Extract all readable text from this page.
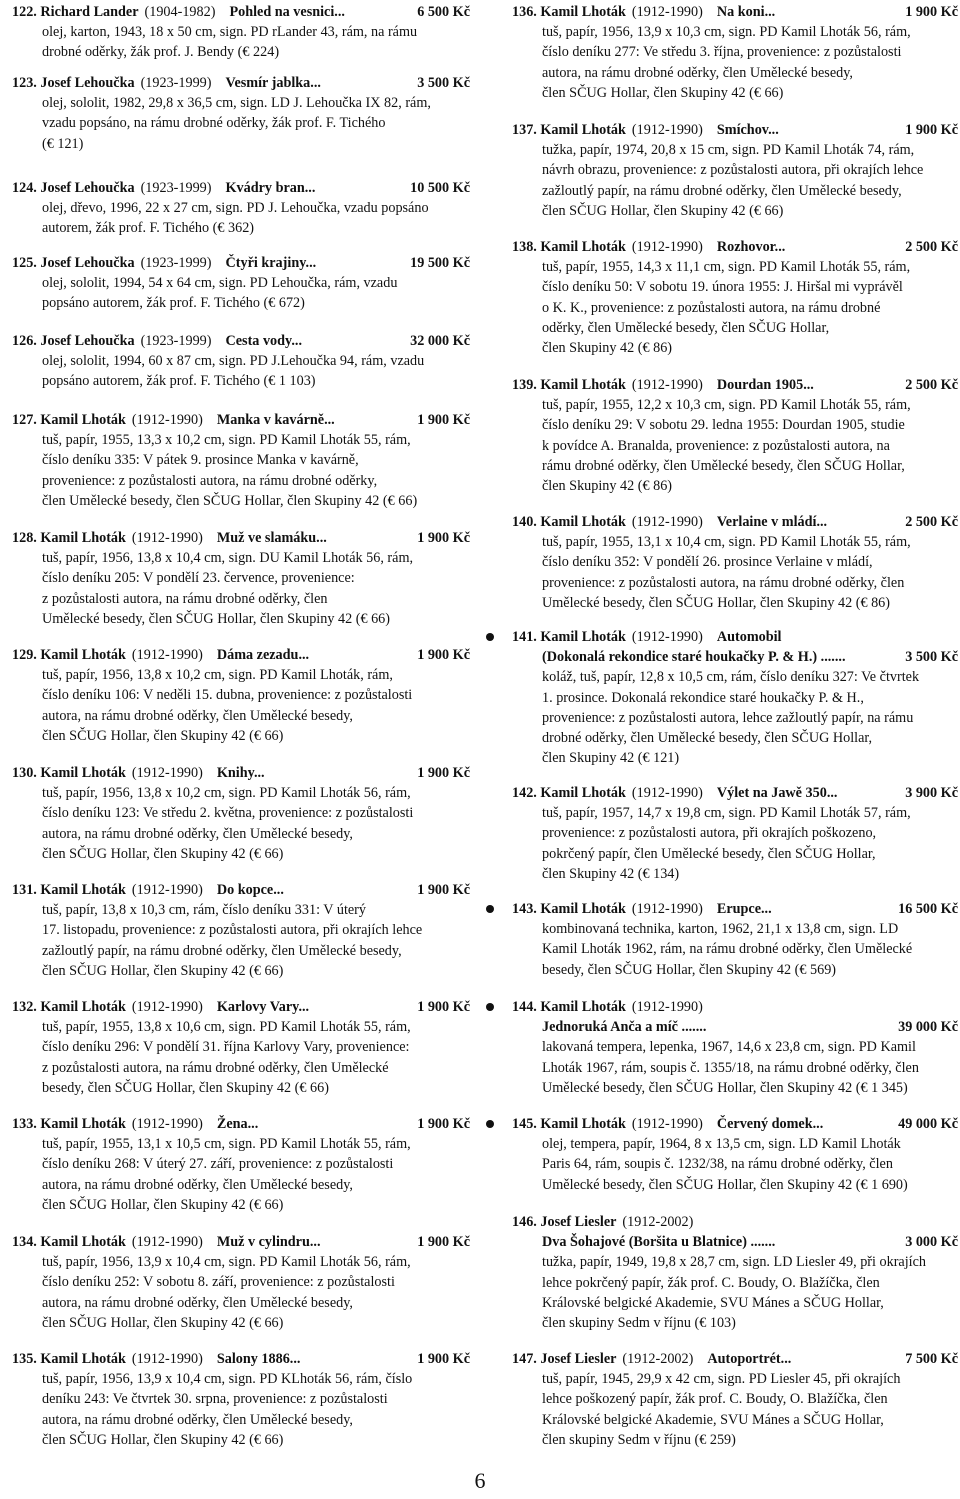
122. Richard Lander (1904-1982) Pohled na vesnici...	6 500 Kč
olej, karton, 1943, 18 x 50 cm, sign. PD rLander 43, rám, na rámu
drobné oděrky, žák prof. J. Bendy (€ 224)
123. Josef Lehoučka (1923-1999) Vesmír jablka...	3 500 Kč
olej, sololit, 1982, 29,8 x 36,5 cm, sign. LD J. Lehoučka IX 82, rám,
vzadu popsáno, na rámu drobné oděrky, žák prof. F. Tichého
(€ 121)
124. Josef Lehoučka (1923-1999) Kvádry bran...	10 500 Kč
olej, dřevo, 1996, 22 x 27 cm, sign. PD J. Lehoučka, vzadu popsáno
autorem, žák prof. F. Tichého (€ 362)
125. Josef Lehoučka (1923-1999) Čtyři krajiny...	19 500 Kč
olej, sololit, 1994, 54 x 64 cm, sign. PD Lehoučka, rám, vzadu
popsáno autorem, žák prof. F. Tichého (€ 672)
126. Josef Lehoučka (1923-1999) Cesta vody...	32 000 Kč
olej, sololit, 1994, 60 x 87 cm, sign. PD J.Lehoučka 94, rám, vzadu
popsáno autorem, žák prof. F. Tichého (€ 1 103)
127. Kamil Lhoták (1912-1990) Manka v kavárně...	1 900 Kč
tuš, papír, 1955, 13,3 x 10,2 cm, sign. PD Kamil Lhoták 55, rám,
číslo deníku 335: V pátek 9. prosince Manka v kavárně,
provenience: z pozůstalosti autora, na rámu drobné oděrky,
člen Umělecké besedy, člen SČUG Hollar, člen Skupiny 42 (€ 66)
128. Kamil Lhoták (1912-1990) Muž ve slamáku...	1 900 Kč
tuš, papír, 1956, 13,8 x 10,4 cm, sign. DU Kamil Lhoták 56, rám,
číslo deníku 205: V pondělí 23. července, provenience:
z pozůstalosti autora, na rámu drobné oděrky, člen
Umělecké besedy, člen SČUG Hollar, člen Skupiny 42 (€ 66)
129. Kamil Lhoták (1912-1990) Dáma zezadu...	1 900 Kč
tuš, papír, 1956, 13,8 x 10,2 cm, sign. PD Kamil Lhoták, rám,
číslo deníku 106: V neděli 15. dubna, provenience: z pozůstalosti
autora, na rámu drobné oděrky, člen Umělecké besedy,
člen SČUG Hollar, člen Skupiny 42 (€ 66)
130. Kamil Lhoták (1912-1990) Knihy...	1 900 Kč
tuš, papír, 1956, 13,8 x 10,2 cm, sign. PD Kamil Lhoták 56, rám,
číslo deníku 123: Ve středu 2. května, provenience: z pozůstalosti
autora, na rámu drobné oděrky, člen Umělecké besedy,
člen SČUG Hollar, člen Skupiny 42 (€ 66)
131. Kamil Lhoták (1912-1990) Do kopce...	1 900 Kč
tuš, papír, 13,8 x 10,3 cm, rám, číslo deníku 331: V úterý
17. listopadu, provenience: z pozůstalosti autora, při okrajích lehce
zažloutlý papír, na rámu drobné oděrky, člen Umělecké besedy,
člen SČUG Hollar, člen Skupiny 42 (€ 66)
132. Kamil Lhoták (1912-1990) Karlovy Vary...	1 900 Kč
tuš, papír, 1955, 13,8 x 10,6 cm, sign. PD Kamil Lhoták 55, rám,
číslo deníku 296: V pondělí 31. října Karlovy Vary, provenience:
z pozůstalosti autora, na rámu drobné oděrky, člen Umělecké
besedy, člen SČUG Hollar, člen Skupiny 42 (€ 66)
133. Kamil Lhoták (1912-1990) Žena...	1 900 Kč
tuš, papír, 1955, 13,1 x 10,5 cm, sign. PD Kamil Lhoták 55, rám,
číslo deníku 268: V úterý 27. září, provenience: z pozůstalosti
autora, na rámu drobné oděrky, člen Umělecké besedy,
člen SČUG Hollar, člen Skupiny 42 (€ 66)
134. Kamil Lhoták (1912-1990) Muž v cylindru...	1 900 Kč
tuš, papír, 1956, 13,9 x 10,4 cm, sign. PD Kamil Lhoták 56, rám,
číslo deníku 252: V sobotu 8. září, provenience: z pozůstalosti
autora, na rámu drobné oděrky, člen Umělecké besedy,
člen SČUG Hollar, člen Skupiny 42 (€ 66)
135. Kamil Lhoták (1912-1990) Salony 1886...	1 900 Kč
tuš, papír, 1956, 13,9 x 10,4 cm, sign. PD KLhoták 56, rám, číslo
deníku 243: Ve čtvrtek 30. srpna, provenience: z pozůstalosti
autora, na rámu drobné oděrky, člen Umělecké besedy,
člen SČUG Hollar, člen Skupiny 42 (€ 66)
136. Kamil Lhoták (1912-1990) Na koni...	1 900 Kč
tuš, papír, 1956, 13,9 x 10,3 cm, sign. PD Kamil Lhoták 56, rám,
číslo deníku 277: Ve středu 3. října, provenience: z pozůstalosti
autora, na rámu drobné oděrky, člen Umělecké besedy,
člen SČUG Hollar, člen Skupiny 42 (€ 66)
137. Kamil Lhoták (1912-1990) Smíchov...	1 900 Kč
tužka, papír, 1974, 20,8 x 15 cm, sign. PD Kamil Lhoták 74, rám,
návrh obrazu, provenience: z pozůstalosti autora, při okrajích lehce
zažloutlý papír, na rámu drobné oděrky, člen Umělecké besedy,
člen SČUG Hollar, člen Skupiny 42 (€ 66)
138. Kamil Lhoták (1912-1990) Rozhovor...	2 500 Kč
tuš, papír, 1955, 14,3 x 11,1 cm, sign. PD Kamil Lhoták 55, rám,
číslo deníku 50: V sobotu 19. února 1955: J. Hiršal mi vyprávěl
o K. K., provenience: z pozůstalosti autora, na rámu drobné
oděrky, člen Umělecké besedy, člen SČUG Hollar,
člen Skupiny 42 (€ 86)
139. Kamil Lhoták (1912-1990) Dourdan 1905...	2 500 Kč
tuš, papír, 1955, 12,2 x 10,3 cm, sign. PD Kamil Lhoták 55, rám,
číslo deníku 29: V sobotu 29. ledna 1955: Dourdan 1905, studie
k povídce A. Branalda, provenience: z pozůstalosti autora, na
rámu drobné oděrky, člen Umělecké besedy, člen SČUG Hollar,
člen Skupiny 42 (€ 86)
140. Kamil Lhoták (1912-1990) Verlaine v mládí...	2 500 Kč
tuš, papír, 1955, 13,1 x 10,4 cm, sign. PD Kamil Lhoták 55, rám,
číslo deníku 352: V pondělí 26. prosince Verlaine v mládí,
provenience: z pozůstalosti autora, na rámu drobné oděrky, člen
Umělecké besedy, člen SČUG Hollar, člen Skupiny 42 (€ 86)
141. Kamil Lhoták (1912-1990) Automobil
(Dokonalá rekondice staré houkačky P. & H.) .......	3 500 Kč
koláž, tuš, papír, 12,8 x 10,5 cm, rám, číslo deníku 327: Ve čtvrtek
1. prosince. Dokonalá rekondice staré houkačky P. & H.,
provenience: z pozůstalosti autora, lehce zažloutlý papír, na rámu
drobné oděrky, člen Umělecké besedy, člen SČUG Hollar,
člen Skupiny 42 (€ 121)
142. Kamil Lhoták (1912-1990) Výlet na Jawě 350...	3 900 Kč
tuš, papír, 1957, 14,7 x 19,8 cm, sign. PD Kamil Lhoták 57, rám,
provenience: z pozůstalosti autora, při okrajích poškozeno,
pokrčený papír, člen Umělecké besedy, člen SČUG Hollar,
člen Skupiny 42 (€ 134)
143. Kamil Lhoták (1912-1990) Erupce...	16 500 Kč
kombinovaná technika, karton, 1962, 21,1 x 13,8 cm, sign. LD
Kamil Lhoták 1962, rám, na rámu drobné oděrky, člen Umělecké
besedy, člen SČUG Hollar, člen Skupiny 42 (€ 569)
144. Kamil Lhoták (1912-1990)
Jednoruká Anča a míč .......	39 000 Kč
lakovaná tempera, lepenka, 1967, 14,6 x 23,8 cm, sign. PD Kamil
Lhoták 1967, rám, soupis č. 1355/18, na rámu drobné oděrky, člen
Umělecké besedy, člen SČUG Hollar, člen Skupiny 42 (€ 1 345)
145. Kamil Lhoták (1912-1990) Červený domek...	49 000 Kč
olej, tempera, papír, 1964, 8 x 13,5 cm, sign. LD Kamil Lhoták
Paris 64, rám, soupis č. 1232/38, na rámu drobné oděrky, člen
Umělecké besedy, člen SČUG Hollar, člen Skupiny 42 (€ 1 690)
146. Josef Liesler (1912-2002)
Dva Šohajové (Boršita u Blatnice) .......	3 000 Kč
tužka, papír, 1949, 19,8 x 28,7 cm, sign. LD Liesler 49, při okrajích
lehce pokrčený papír, žák prof. C. Boudy, O. Blažíčka, člen
Královské belgické Akademie, SVU Mánes a SČUG Hollar,
člen skupiny Sedm v říjnu (€ 103)
147. Josef Liesler (1912-2002) Autoportrét...	7 500 Kč
tuš, papír, 1945, 29,9 x 42 cm, sign. PD Liesler 45, při okrajích
lehce poškozený papír, žák prof. C. Boudy, O. Blažíčka, člen
Královské belgické Akademie, SVU Mánes a SČUG Hollar,
člen skupiny Sedm v říjnu (€ 259)
6
